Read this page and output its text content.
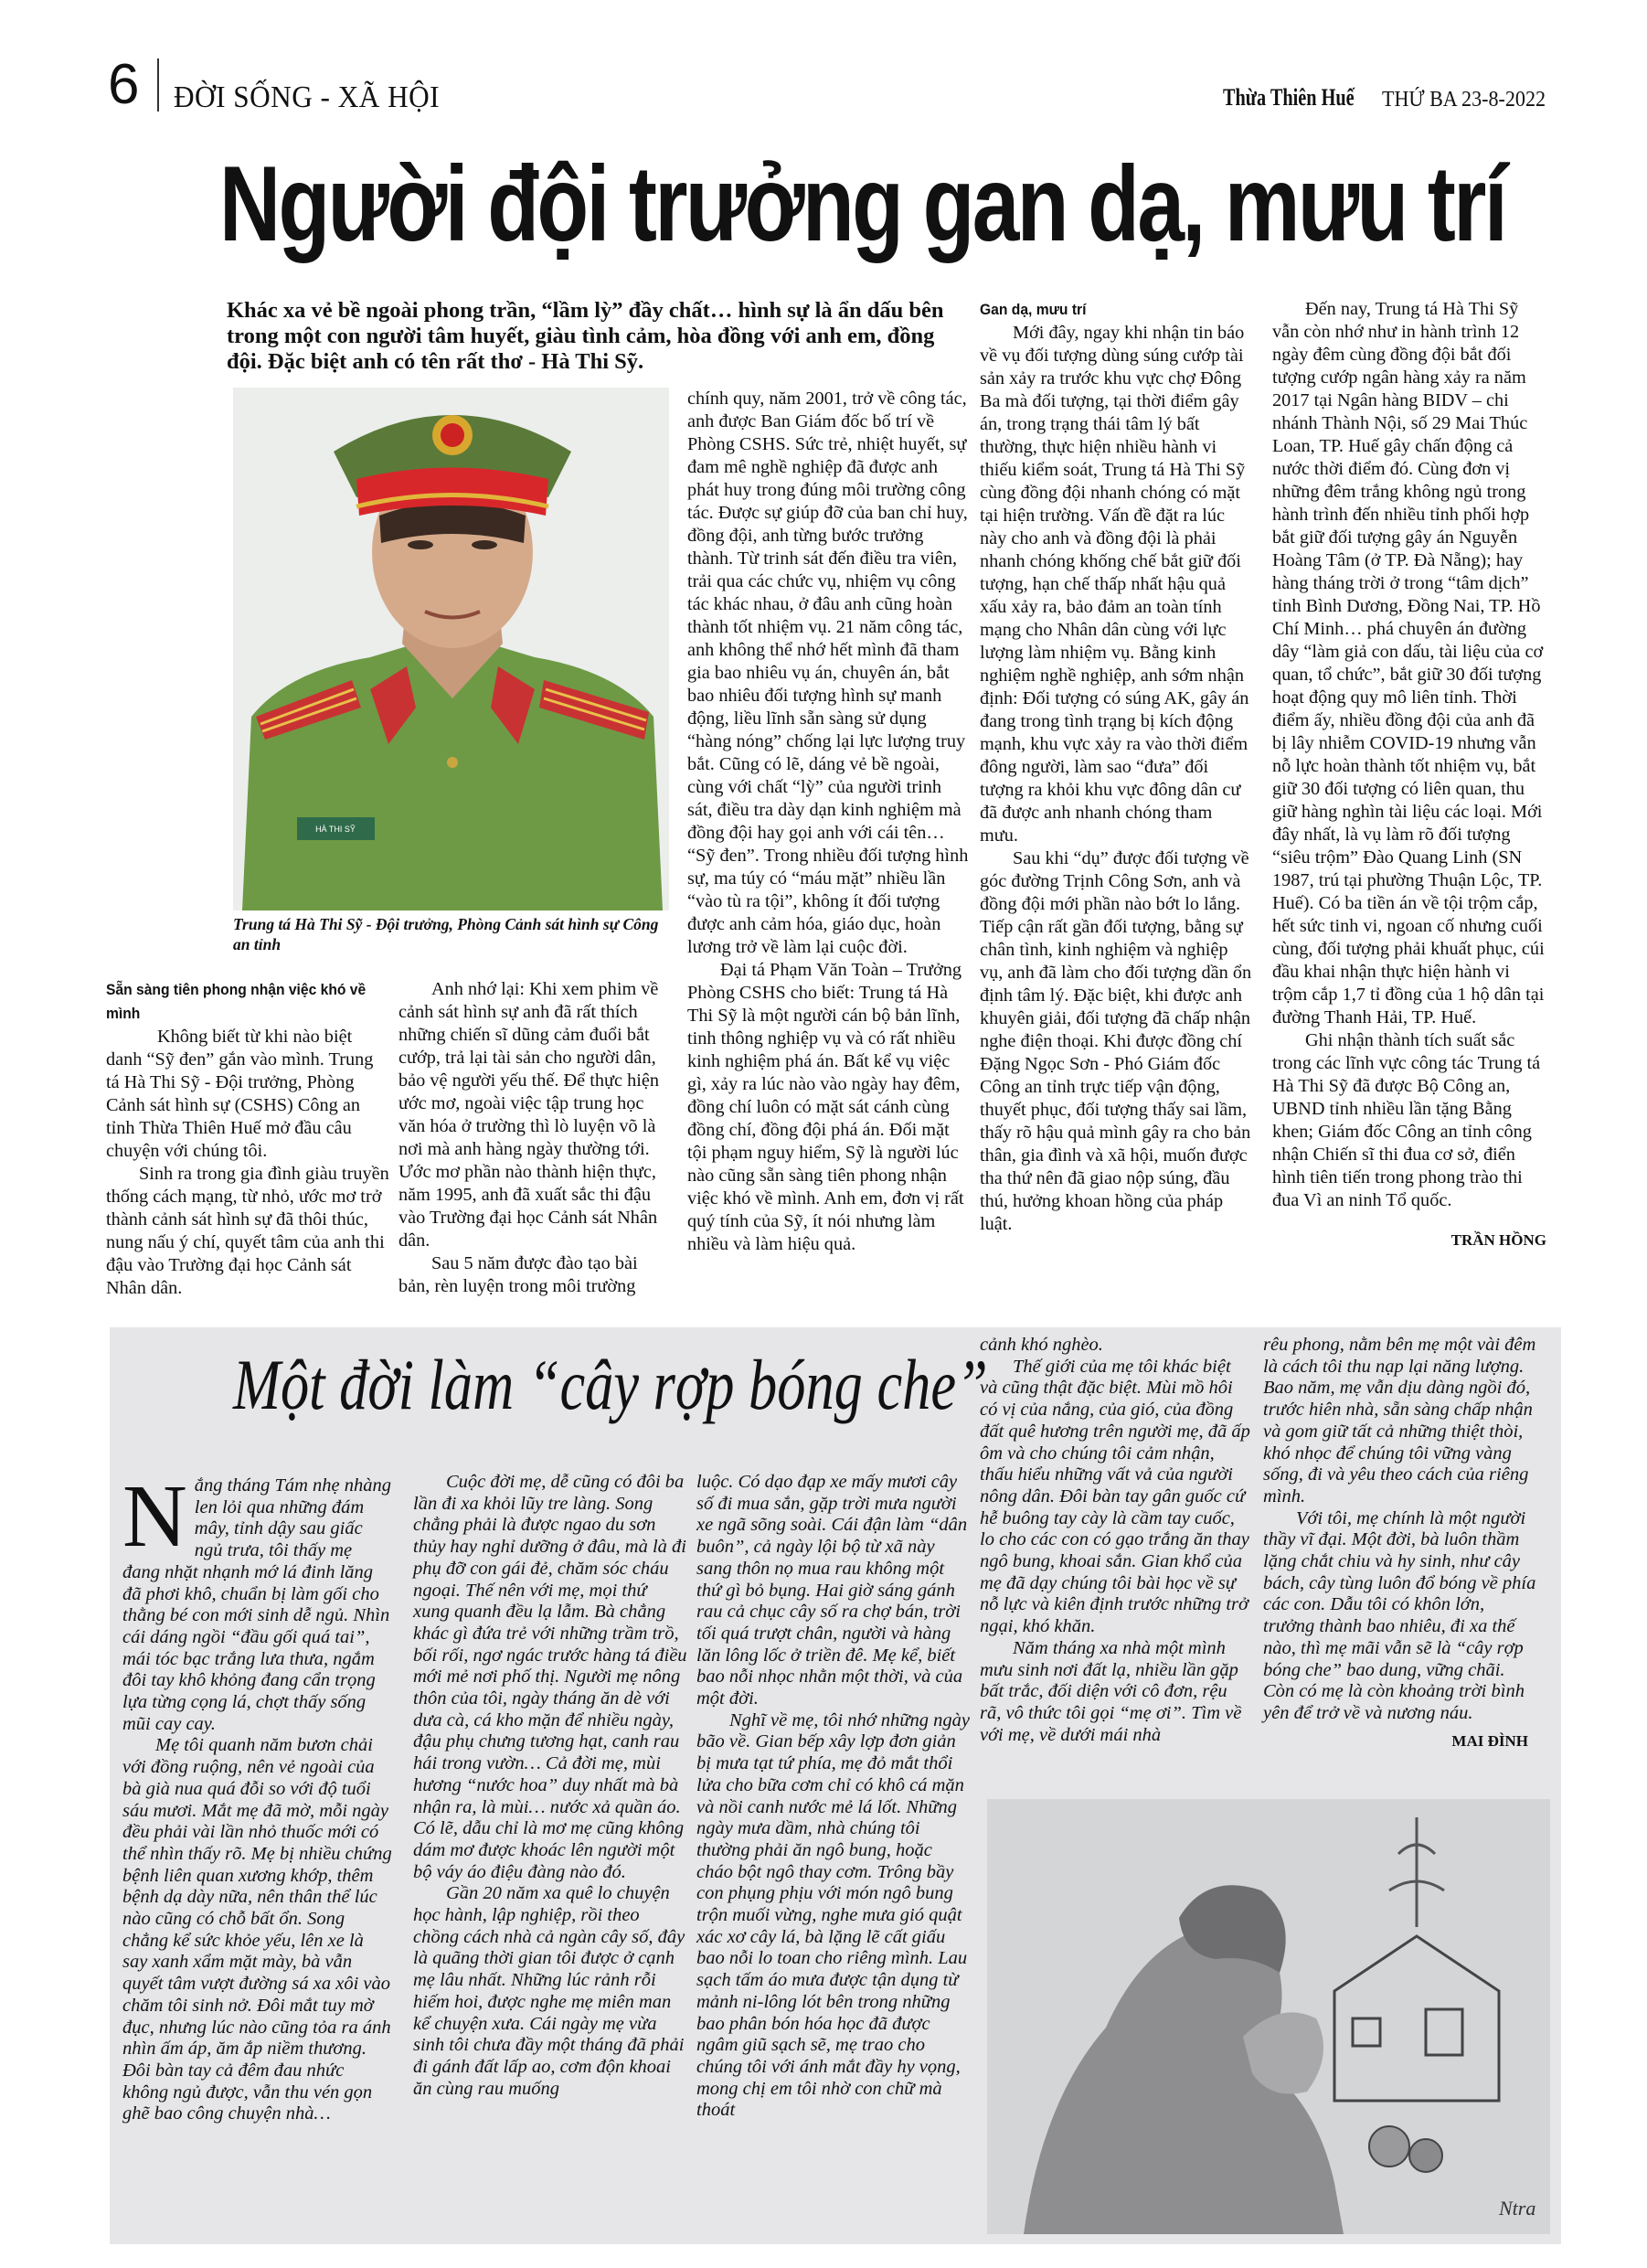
6 ĐỜI SỐNG - XÃ HỘI	Thừa Thiên Huế THỨ BA 23-8-2022
Người đội trưởng gan dạ, mưu trí
Khác xa vẻ bề ngoài phong trần, “lầm lỳ” đầy chất… hình sự là ẩn dấu bên trong một con người tâm huyết, giàu tình cảm, hòa đồng với anh em, đồng đội. Đặc biệt anh có tên rất thơ - Hà Thi Sỹ.
HÀ THI SỸ
Trung tá Hà Thi Sỹ - Đội trưởng, Phòng Cảnh sát hình sự Công an tỉnh
Sẵn sàng tiên phong nhận việc khó về mình

Không biết từ khi nào biệt danh “Sỹ đen” gắn vào mình. Trung tá Hà Thi Sỹ - Đội trưởng, Phòng Cảnh sát hình sự (CSHS) Công an tỉnh Thừa Thiên Huế mở đầu câu chuyện với chúng tôi.

Sinh ra trong gia đình giàu truyền thống cách mạng, từ nhỏ, ước mơ trở thành cảnh sát hình sự đã thôi thúc, nung nấu ý chí, quyết tâm của anh thi đậu vào Trường đại học Cảnh sát Nhân dân.

Anh nhớ lại: Khi xem phim về cảnh sát hình sự anh đã rất thích những chiến sĩ dũng cảm đuổi bắt cướp, trả lại tài sản cho người dân, bảo vệ người yếu thế. Để thực hiện ước mơ, ngoài việc tập trung học văn hóa ở trường thì lò luyện võ là nơi mà anh hàng ngày thường tới. Ước mơ phần nào thành hiện thực, năm 1995, anh đã xuất sắc thi đậu vào Trường đại học Cảnh sát Nhân dân.

Sau 5 năm được đào tạo bài bản, rèn luyện trong môi trường

chính quy, năm 2001, trở về công tác, anh được Ban Giám đốc bố trí về Phòng CSHS. Sức trẻ, nhiệt huyết, sự đam mê nghề nghiệp đã được anh phát huy trong đúng môi trường công tác. Được sự giúp đỡ của ban chỉ huy, đồng đội, anh từng bước trưởng thành. Từ trinh sát đến điều tra viên, trải qua các chức vụ, nhiệm vụ công tác khác nhau, ở đâu anh cũng hoàn thành tốt nhiệm vụ. 21 năm công tác, anh không thể nhớ hết mình đã tham gia bao nhiêu vụ án, chuyên án, bắt bao nhiêu đối tượng hình sự manh động, liều lĩnh sẵn sàng sử dụng “hàng nóng” chống lại lực lượng truy bắt. Cũng có lẽ, dáng vẻ bề ngoài, cùng với chất “lỳ” của người trinh sát, điều tra dày dạn kinh nghiệm mà đồng đội hay gọi anh với cái tên… “Sỹ đen”. Trong nhiều đối tượng hình sự, ma túy có “máu mặt” nhiều lần “vào tù ra tội”, không ít đối tượng được anh cảm hóa, giáo dục, hoàn lương trở về làm lại cuộc đời.

Đại tá Phạm Văn Toàn – Trưởng Phòng CSHS cho biết: Trung tá Hà Thi Sỹ là một người cán bộ bản lĩnh, tinh thông nghiệp vụ và có rất nhiều kinh nghiệm phá án. Bất kể vụ việc gì, xảy ra lúc nào vào ngày hay đêm, đồng chí luôn có mặt sát cánh cùng đồng chí, đồng đội phá án. Đối mặt tội phạm nguy hiểm, Sỹ là người lúc nào cũng sẵn sàng tiên phong nhận việc khó về mình. Anh em, đơn vị rất quý tính của Sỹ, ít nói nhưng làm nhiều và làm hiệu quả.

Gan dạ, mưu trí

Mới đây, ngay khi nhận tin báo về vụ đối tượng dùng súng cướp tài sản xảy ra trước khu vực chợ Đông Ba mà đối tượng, tại thời điểm gây án, trong trạng thái tâm lý bất thường, thực hiện nhiều hành vi thiếu kiểm soát, Trung tá Hà Thi Sỹ cùng đồng đội nhanh chóng có mặt tại hiện trường. Vấn đề đặt ra lúc này cho anh và đồng đội là phải nhanh chóng khống chế bắt giữ đối tượng, hạn chế thấp nhất hậu quả xấu xảy ra, bảo đảm an toàn tính mạng cho Nhân dân cùng với lực lượng làm nhiệm vụ. Bằng kinh nghiệm nghề nghiệp, anh sớm nhận định: Đối tượng có súng AK, gây án đang trong tình trạng bị kích động mạnh, khu vực xảy ra vào thời điểm đông người, làm sao “đưa” đối tượng ra khỏi khu vực đông dân cư đã được anh nhanh chóng tham mưu.

Sau khi “dụ” được đối tượng về góc đường Trịnh Công Sơn, anh và đồng đội mới phần nào bớt lo lắng. Tiếp cận rất gần đối tượng, bằng sự chân tình, kinh nghiệm và nghiệp vụ, anh đã làm cho đối tượng dần ổn định tâm lý. Đặc biệt, khi được anh khuyên giải, đối tượng đã chấp nhận nghe điện thoại. Khi được đồng chí Đặng Ngọc Sơn - Phó Giám đốc Công an tỉnh trực tiếp vận động, thuyết phục, đối tượng thấy sai lầm, thấy rõ hậu quả mình gây ra cho bản thân, gia đình và xã hội, muốn được tha thứ nên đã giao nộp súng, đầu thú, hưởng khoan hồng của pháp luật.

Đến nay, Trung tá Hà Thi Sỹ vẫn còn nhớ như in hành trình 12 ngày đêm cùng đồng đội bắt đối tượng cướp ngân hàng xảy ra năm 2017 tại Ngân hàng BIDV – chi nhánh Thành Nội, số 29 Mai Thúc Loan, TP. Huế gây chấn động cả nước thời điểm đó. Cùng đơn vị những đêm trắng không ngủ trong hành trình đến nhiều tỉnh phối hợp bắt giữ đối tượng gây án Nguyễn Hoàng Tâm (ở TP. Đà Nẵng); hay hàng tháng trời ở trong “tâm dịch” tỉnh Bình Dương, Đồng Nai, TP. Hồ Chí Minh… phá chuyên án đường dây “làm giả con dấu, tài liệu của cơ quan, tổ chức”, bắt giữ 30 đối tượng hoạt động quy mô liên tỉnh. Thời điểm ấy, nhiều đồng đội của anh đã bị lây nhiễm COVID-19 nhưng vẫn nỗ lực hoàn thành tốt nhiệm vụ, bắt giữ 30 đối tượng có liên quan, thu giữ hàng nghìn tài liệu các loại. Mới đây nhất, là vụ làm rõ đối tượng “siêu trộm” Đào Quang Linh (SN 1987, trú tại phường Thuận Lộc, TP. Huế). Có ba tiền án về tội trộm cắp, hết sức tinh vi, ngoan cố nhưng cuối cùng, đối tượng phải khuất phục, cúi đầu khai nhận thực hiện hành vi trộm cắp 1,7 tỉ đồng của 1 hộ dân tại đường Thanh Hải, TP. Huế.

Ghi nhận thành tích suất sắc trong các lĩnh vực công tác Trung tá Hà Thi Sỹ đã được Bộ Công an, UBND tỉnh nhiều lần tặng Bằng khen; Giám đốc Công an tỉnh công nhận Chiến sĩ thi đua cơ sở, điển hình tiên tiến trong phong trào thi đua Vì an ninh Tổ quốc.

TRẦN HỒNG
Một đời làm “cây rợp bóng che”
N ắng tháng Tám nhẹ nhàng len lỏi qua những đám mây, tỉnh dậy sau giấc ngủ trưa, tôi thấy mẹ đang nhặt nhạnh mớ lá đinh lăng đã phơi khô, chuẩn bị làm gối cho thằng bé con mới sinh dễ ngủ. Nhìn cái dáng ngồi “đầu gối quá tai”, mái tóc bạc trắng lưa thưa, ngắm đôi tay khô khỏng đang cẩn trọng lựa từng cọng lá, chợt thấy sống mũi cay cay.

Mẹ tôi quanh năm bươn chải với đồng ruộng, nên vẻ ngoài của bà già nua quá đỗi so với độ tuổi sáu mươi. Mắt mẹ đã mờ, mỗi ngày đều phải vài lần nhỏ thuốc mới có thể nhìn thấy rõ. Mẹ bị nhiều chứng bệnh liên quan xương khớp, thêm bệnh dạ dày nữa, nên thân thể lúc nào cũng có chỗ bất ổn. Song chẳng kể sức khỏe yếu, lên xe là say xanh xẩm mặt mày, bà vẫn quyết tâm vượt đường sá xa xôi vào chăm tôi sinh nở. Đôi mắt tuy mờ đục, nhưng lúc nào cũng tỏa ra ánh nhìn ấm áp, ăm ắp niềm thương. Đôi bàn tay cả đêm đau nhức không ngủ được, vẫn thu vén gọn ghẽ bao công chuyện nhà…

Cuộc đời mẹ, dễ cũng có đôi ba lần đi xa khỏi lũy tre làng. Song chẳng phải là được ngao du sơn thủy hay nghỉ dưỡng ở đâu, mà là đi phụ đỡ con gái đẻ, chăm sóc cháu ngoại. Thế nên với mẹ, mọi thứ xung quanh đều lạ lẫm. Bà chẳng khác gì đứa trẻ với những trầm trồ, bối rối, ngơ ngác trước hàng tá điều mới mẻ nơi phố thị. Người mẹ nông thôn của tôi, ngày tháng ăn dè với dưa cà, cá kho mặn để nhiều ngày, đậu phụ chưng tương hạt, canh rau hái trong vườn… Cả đời mẹ, mùi hương “nước hoa” duy nhất mà bà nhận ra, là mùi… nước xả quần áo. Có lẽ, dẫu chỉ là mơ mẹ cũng không dám mơ được khoác lên người một bộ váy áo điệu đàng nào đó.

Gần 20 năm xa quê lo chuyện học hành, lập nghiệp, rồi theo chồng cách nhà cả ngàn cây số, đây là quãng thời gian tôi được ở cạnh mẹ lâu nhất. Những lúc rảnh rỗi hiếm hoi, được nghe mẹ miên man kể chuyện xưa. Cái ngày mẹ vừa sinh tôi chưa đầy một tháng đã phải đi gánh đất lấp ao, cơm độn khoai ăn cùng rau muống

luộc. Có dạo đạp xe mấy mươi cây số đi mua sắn, gặp trời mưa người xe ngã sõng soài. Cái đận làm “dân buôn”, cả ngày lội bộ từ xã này sang thôn nọ mua rau không một thứ gì bỏ bụng. Hai giờ sáng gánh rau cả chục cây số ra chợ bán, trời tối quá trượt chân, người và hàng lăn lông lốc ở triền đê. Mẹ kể, biết bao nỗi nhọc nhằn một thời, và của một đời.

Nghĩ về mẹ, tôi nhớ những ngày bão về. Gian bếp xây lợp đơn giản bị mưa tạt tứ phía, mẹ đỏ mắt thổi lửa cho bữa cơm chỉ có khô cá mặn và nồi canh nước mẻ lá lốt. Những ngày mưa dầm, nhà chúng tôi thường phải ăn ngô bung, hoặc cháo bột ngô thay cơm. Trông bầy con phụng phịu với món ngô bung trộn muối vừng, nghe mưa gió quật xác xơ cây lá, bà lặng lẽ cất giấu bao nỗi lo toan cho riêng mình. Lau sạch tấm áo mưa được tận dụng từ mảnh ni-lông lót bên trong những bao phân bón hóa học đã được ngâm giũ sạch sẽ, mẹ trao cho chúng tôi với ánh mắt đầy hy vọng, mong chị em tôi nhờ con chữ mà thoát

cảnh khó nghèo.

Thế giới của mẹ tôi khác biệt và cũng thật đặc biệt. Mùi mồ hôi có vị của nắng, của gió, của đồng đất quê hương trên người mẹ, đã ấp ôm và cho chúng tôi cảm nhận, thấu hiểu những vất vả của người nông dân. Đôi bàn tay gân guốc cứ hễ buông tay cày là cầm tay cuốc, lo cho các con có gạo trắng ăn thay ngô bung, khoai sắn. Gian khổ của mẹ đã dạy chúng tôi bài học về sự nỗ lực và kiên định trước những trở ngại, khó khăn.

Năm tháng xa nhà một mình mưu sinh nơi đất lạ, nhiều lần gặp bất trắc, đối diện với cô đơn, rệu rã, vô thức tôi gọi “mẹ ơi”. Tìm về với mẹ, về dưới mái nhà

rêu phong, nằm bên mẹ một vài đêm là cách tôi thu nạp lại năng lượng. Bao năm, mẹ vẫn dịu dàng ngồi đó, trước hiên nhà, sẵn sàng chấp nhận và gom giữ tất cả những thiệt thòi, khó nhọc để chúng tôi vững vàng sống, đi và yêu theo cách của riêng mình.

Với tôi, mẹ chính là một người thầy vĩ đại. Một đời, bà luôn thầm lặng chắt chiu và hy sinh, như cây bách, cây tùng luôn đổ bóng về phía các con. Dẫu tôi có khôn lớn, trưởng thành bao nhiêu, đi xa thế nào, thì mẹ mãi vẫn sẽ là “cây rợp bóng che” bao dung, vững chãi. Còn có mẹ là còn khoảng trời bình yên để trở về và nương náu.

MAI ĐÌNH
Ntra
